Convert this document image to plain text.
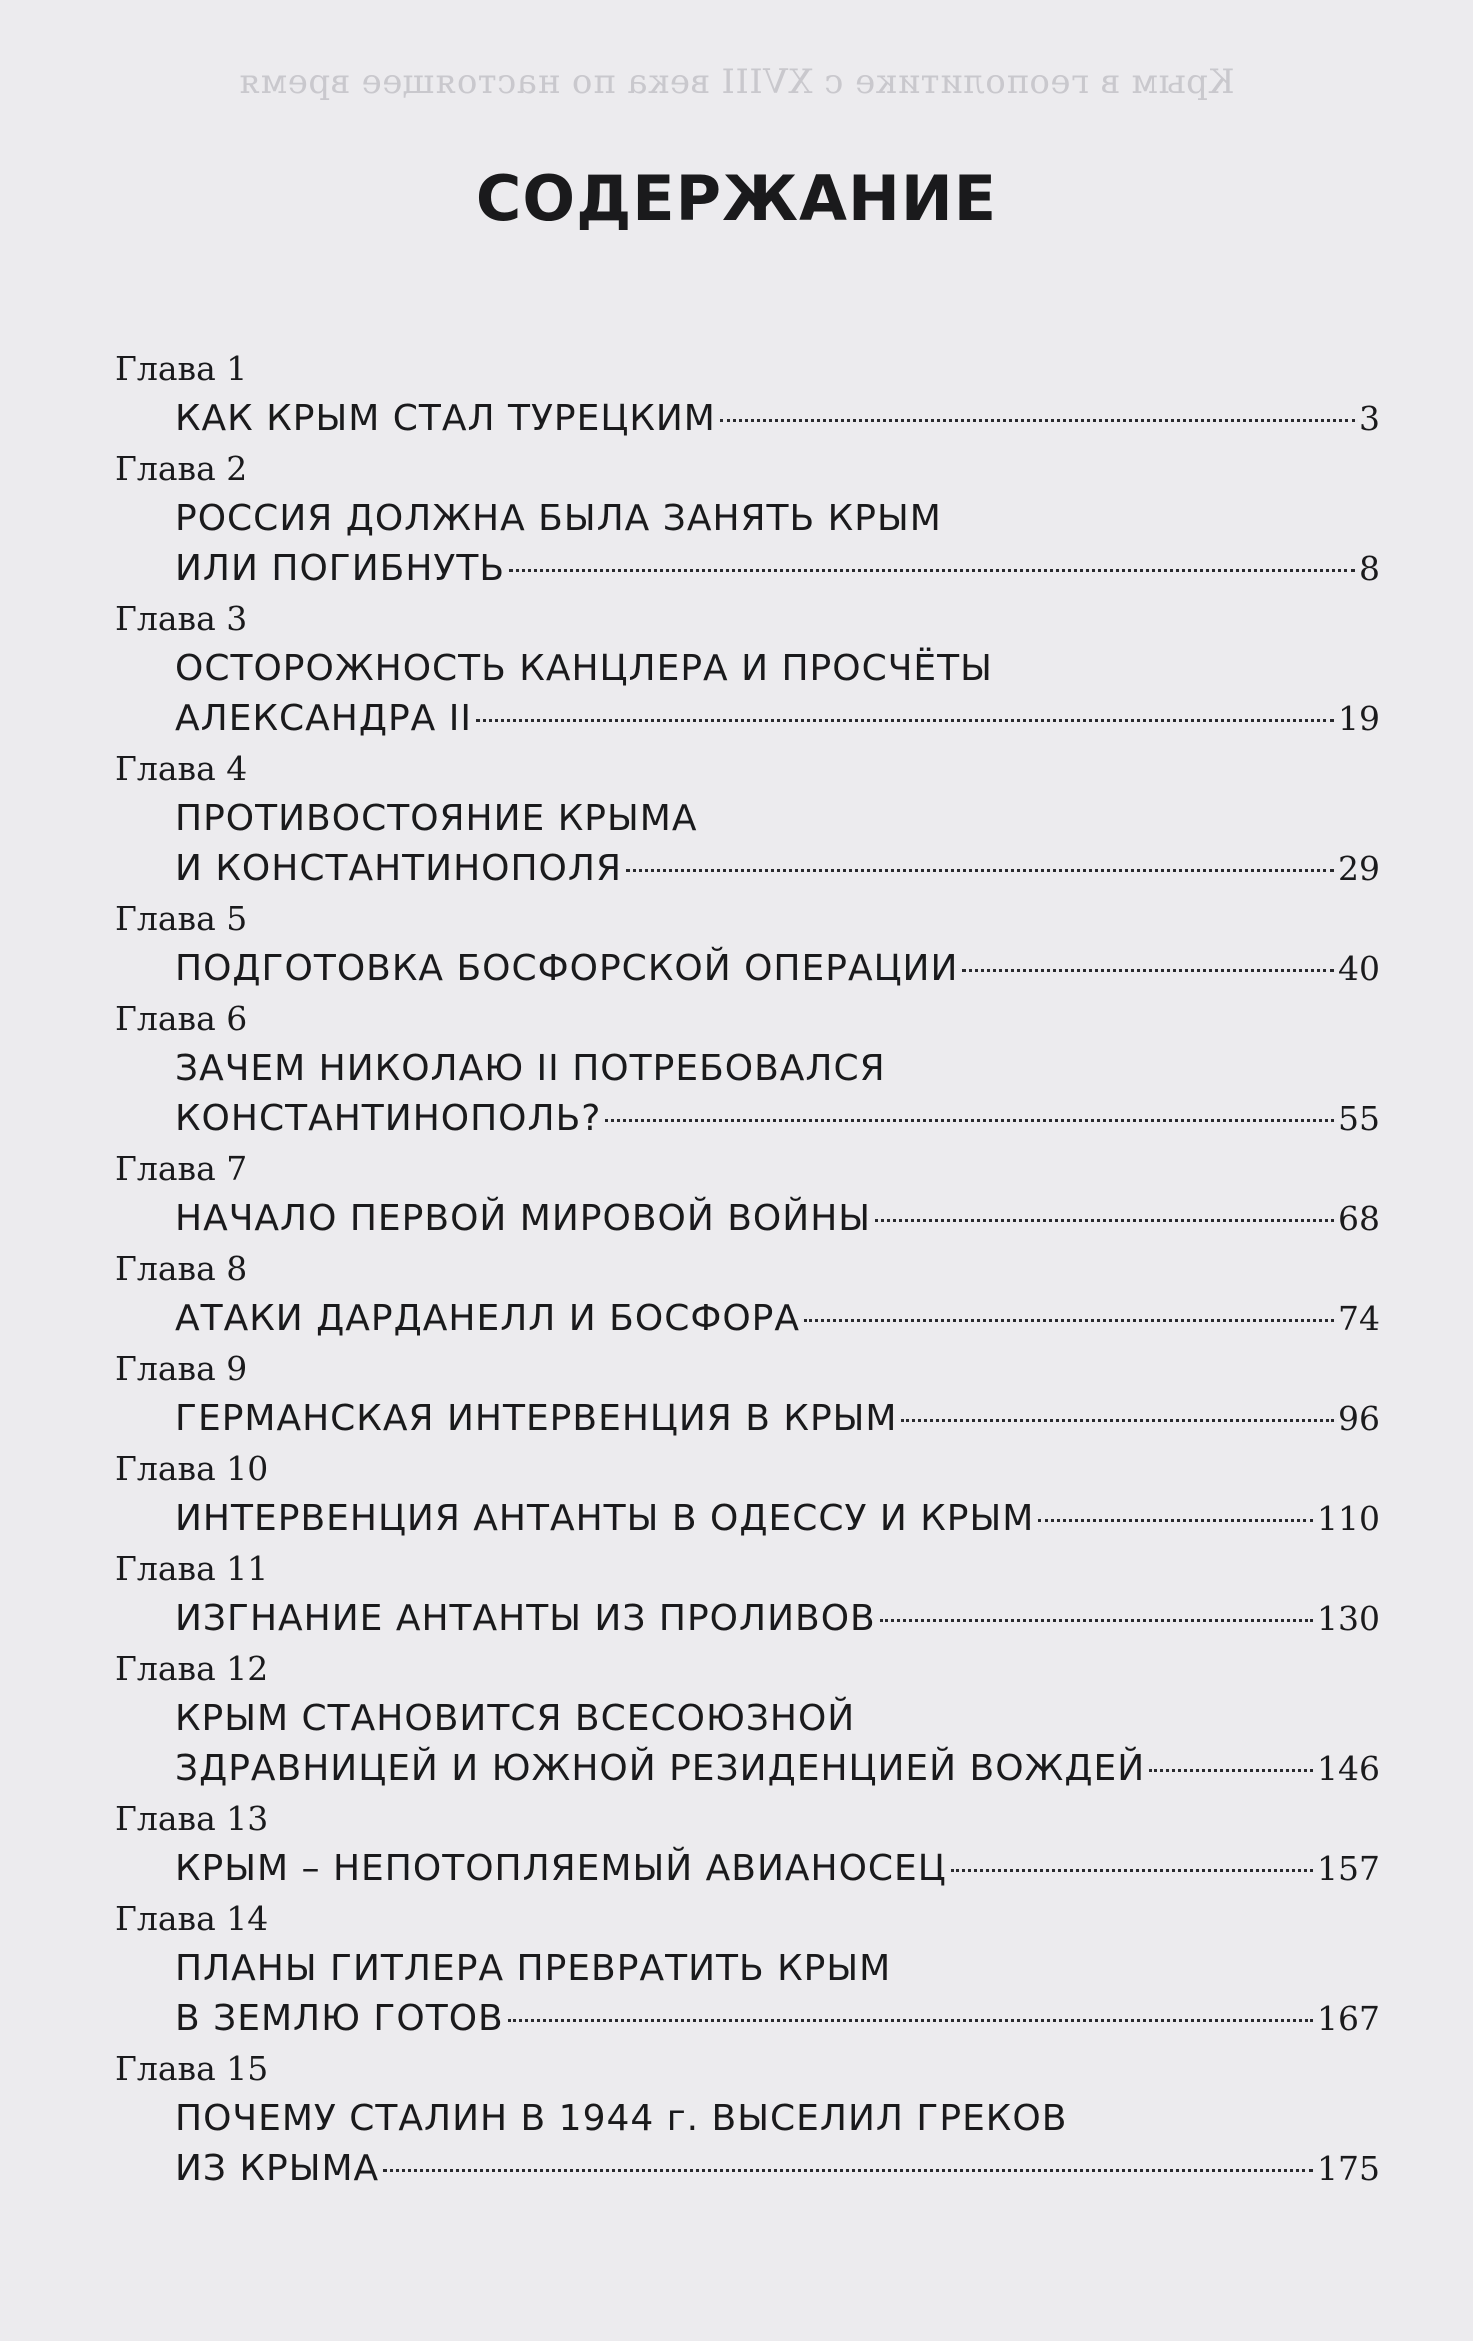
Крым в геополитике с XVIII века по настоящее время
СОДЕРЖАНИЕ
Глава 1
КАК КРЫМ СТАЛ ТУРЕЦКИМ	3
Глава 2
РОССИЯ ДОЛЖНА БЫЛА ЗАНЯТЬ КРЫМ
ИЛИ ПОГИБНУТЬ	8
Глава 3
ОСТОРОЖНОСТЬ КАНЦЛЕРА И ПРОСЧЁТЫ
АЛЕКСАНДРА II	19
Глава 4
ПРОТИВОСТОЯНИЕ КРЫМА
И КОНСТАНТИНОПОЛЯ	29
Глава 5
ПОДГОТОВКА БОСФОРСКОЙ ОПЕРАЦИИ	40
Глава 6
ЗАЧЕМ НИКОЛАЮ II ПОТРЕБОВАЛСЯ
КОНСТАНТИНОПОЛЬ?	55
Глава 7
НАЧАЛО ПЕРВОЙ МИРОВОЙ ВОЙНЫ	68
Глава 8
АТАКИ ДАРДАНЕЛЛ И БОСФОРА	74
Глава 9
ГЕРМАНСКАЯ ИНТЕРВЕНЦИЯ В КРЫМ	96
Глава 10
ИНТЕРВЕНЦИЯ АНТАНТЫ В ОДЕССУ И КРЫМ	110
Глава 11
ИЗГНАНИЕ АНТАНТЫ ИЗ ПРОЛИВОВ	130
Глава 12
КРЫМ СТАНОВИТСЯ ВСЕСОЮЗНОЙ
ЗДРАВНИЦЕЙ И ЮЖНОЙ РЕЗИДЕНЦИЕЙ ВОЖДЕЙ	146
Глава 13
КРЫМ – НЕПОТОПЛЯЕМЫЙ АВИАНОСЕЦ	157
Глава 14
ПЛАНЫ ГИТЛЕРА ПРЕВРАТИТЬ КРЫМ
В ЗЕМЛЮ ГОТОВ	167
Глава 15
ПОЧЕМУ СТАЛИН В 1944 г. ВЫСЕЛИЛ ГРЕКОВ
ИЗ КРЫМА	175
